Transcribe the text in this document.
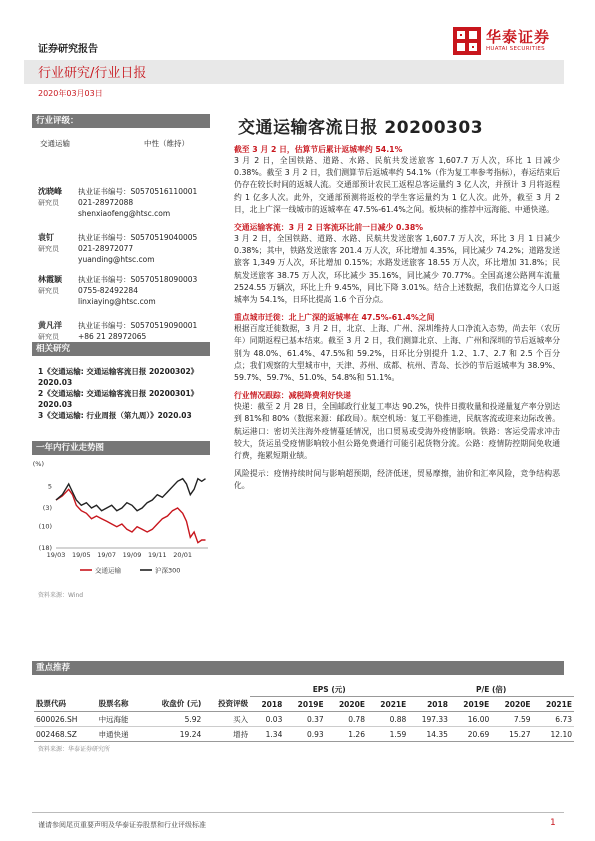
证券研究报告
华泰证券
HUATAI SECURITIES
行业研究/行业日报
2020年03月03日
行业评级：
交通运输	中性（维持）
沈晓峰
研究员
执业证书编号：S0570516110001
021-28972088
shenxiaofeng@htsc.com
袁钉
研究员
执业证书编号：S0570519040005
021-28972077
yuanding@htsc.com
林霞颖
研究员
执业证书编号：S0570518090003
0755-82492284
linxiaying@htsc.com
黄凡洋
研究员
执业证书编号：S0570519090001
+86 21 28972065
相关研究
1《交通运输: 交通运输客流日报 20200302》
2020.03
2《交通运输: 交通运输客流日报 20200301》
2020.03
3《交通运输: 行业周报（第九周）》2020.03
一年内行业走势图
(%)
5
(3)
(10)
(18)
19/03 19/05 19/07 19/09 19/11 20/01
交通运输	沪深300
资料来源：Wind
交通运输客流日报 20200303
截至 3 月 2 日，估算节后累计返城率约 54.1%
3 月 2 日，全国铁路、道路、水路、民航共发送旅客 1,607.7 万人次，环比 1 日减少 0.38%。截至 3 月 2 日，我们测算节后返城率约 54.1%（作为复工率参考指标），春运结束后仍存在较长时间的返城人流。交通部预计农民工返程总客运量约 3 亿人次，并预计 3 月将返程约 1 亿多人次。此外，交通部预测将返校的学生客运量约为 1 亿人次。此外，截至 3 月 2 日，北上广深一线城市的返城率在 47.5%-61.4%之间。板块标的推荐中远海能、中通快递。
交通运输客流：3 月 2 日客流环比前一日减少 0.38%
3 月 2 日，全国铁路、道路、水路、民航共发送旅客 1,607.7 万人次，环比 3 月 1 日减少 0.38%；其中，铁路发送旅客 201.4 万人次，环比增加 4.35%，同比减少 74.2%；道路发送旅客 1,349 万人次，环比增加 0.15%；水路发送旅客 18.55 万人次，环比增加 31.8%；民航发送旅客 38.75 万人次，环比减少 35.16%，同比减少 70.77%。全国高速公路网车流量 2524.55 万辆次，环比上升 9.45%，同比下降 3.01%。结合上述数据，我们估算迄今人口返城率为 54.1%，日环比提高 1.6 个百分点。
重点城市迁徙：北上广深的返城率在 47.5%-61.4%之间
根据百度迁徙数据，3 月 2 日，北京、上海、广州、深圳维持人口净流入态势，尚去年（农历年）同期返程已基本结束。截至 3 月 2 日，我们测算北京、上海、广州和深圳的节后返城率分别为 48.0%、61.4%、47.5%和 59.2%，日环比分别提升 1.2、1.7、2.7 和 2.5 个百分点；我们观察的大型城市中，天津、苏州、成都、杭州、青岛、长沙的节后返城率为 38.9%、59.7%、59.7%、51.0%、54.8%和 51.1%。
行业情况跟踪：减税降费利好快递
快递：截至 2 月 28 日，全国邮政行业复工率达 90.2%，快件日揽收量和投递量复产率分别达到 81%和 80%（数据来源：邮政局）。航空机场：复工平稳推进，民航客流或迎来边际改善。航运港口：密切关注海外疫情蔓延情况，出口贸易或受海外疫情影响。铁路：客运受需求冲击较大，货运虽受疫情影响较小但公路免费通行可能引起货物分流。公路：疫情防控期间免收通行费，拖累短期业绩。
风险提示：疫情持续时间与影响超预期，经济低迷，贸易摩擦，油价和汇率风险，竞争结构恶化。
重点推荐
				EPS (元)				P/E (倍)			
股票代码	股票名称	收盘价 (元)	投资评级	2018	2019E	2020E	2021E	2018	2019E	2020E	2021E
600026.SH	中远海能	5.92	买入	0.03	0.37	0.78	0.88	197.33	16.00	7.59	6.73
002468.SZ	申通快递	19.24	增持	1.34	0.93	1.26	1.59	14.35	20.69	15.27	12.10
资料来源：华泰证券研究所
谨请参阅尾页重要声明及华泰证券股票和行业评级标准	1
